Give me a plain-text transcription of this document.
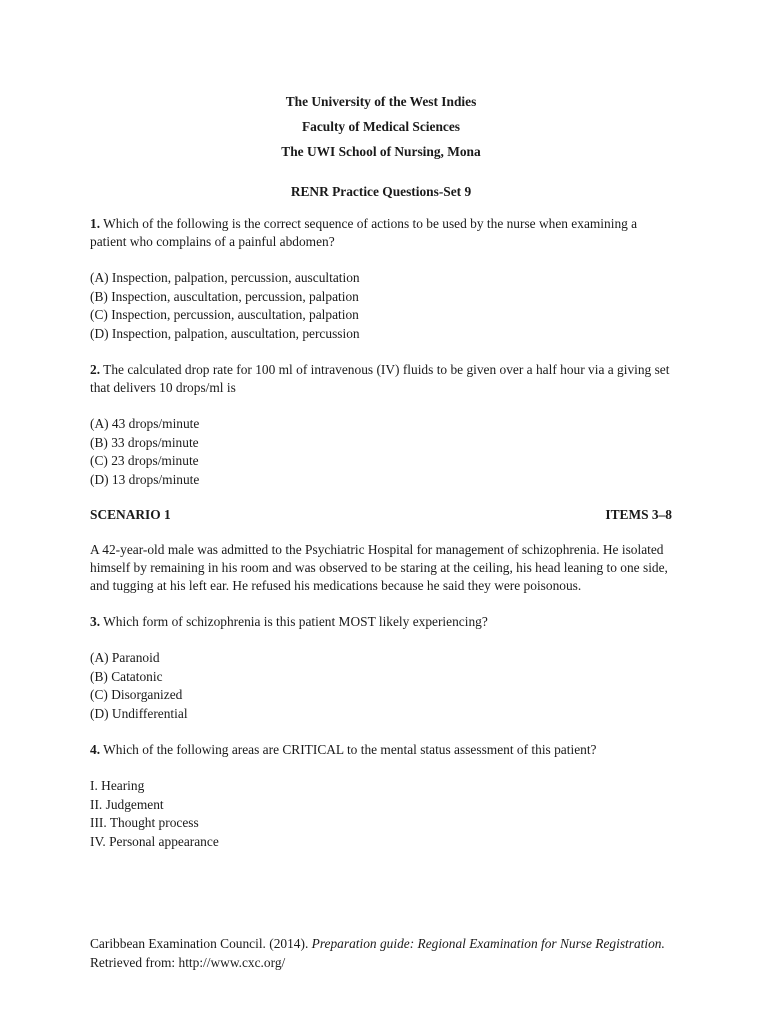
The University of the West Indies
Faculty of Medical Sciences
The UWI School of Nursing, Mona
RENR Practice Questions-Set 9
1. Which of the following is the correct sequence of actions to be used by the nurse when examining a patient who complains of a painful abdomen?
(A) Inspection, palpation, percussion, auscultation
(B) Inspection, auscultation, percussion, palpation
(C) Inspection, percussion, auscultation, palpation
(D) Inspection, palpation, auscultation, percussion
2. The calculated drop rate for 100 ml of intravenous (IV) fluids to be given over a half hour via a giving set that delivers 10 drops/ml is
(A) 43 drops/minute
(B) 33 drops/minute
(C) 23 drops/minute
(D) 13 drops/minute
SCENARIO 1	ITEMS 3–8
A 42-year-old male was admitted to the Psychiatric Hospital for management of schizophrenia. He isolated himself by remaining in his room and was observed to be staring at the ceiling, his head leaning to one side, and tugging at his left ear. He refused his medications because he said they were poisonous.
3. Which form of schizophrenia is this patient MOST likely experiencing?
(A) Paranoid
(B) Catatonic
(C) Disorganized
(D) Undifferential
4. Which of the following areas are CRITICAL to the mental status assessment of this patient?
I. Hearing
II. Judgement
III. Thought process
IV. Personal appearance
Caribbean Examination Council. (2014). Preparation guide: Regional Examination for Nurse Registration. Retrieved from: http://www.cxc.org/
